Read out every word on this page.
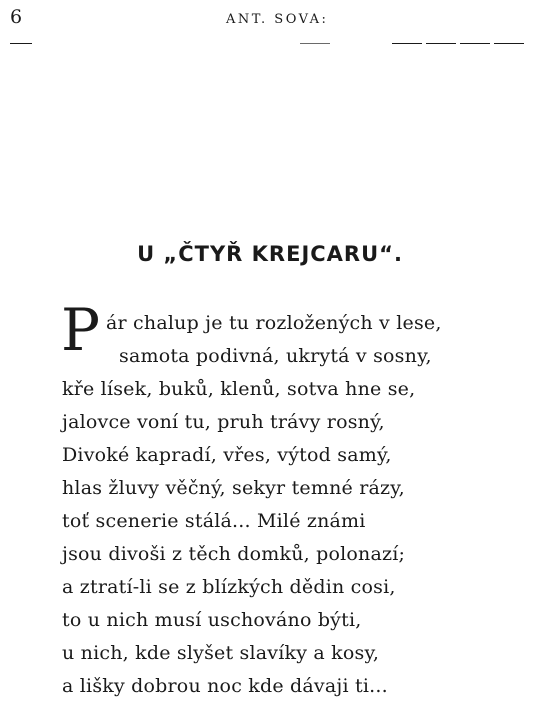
6	ANT. SOVA:
U „ČTYŘ KREJCARU“.
P ár chalup je tu rozložených v lese,
samota podivná, ukrytá v sosny,
kře lísek, buků, klenů, sotva hne se,
jalovce voní tu, pruh trávy rosný,
Divoké kapradí, vřes, výtod samý,
hlas žluvy věčný, sekyr temné rázy,
toť scenerie stálá... Milé známi
jsou divoši z těch domků, polonazí;
a ztratí-li se z blízkých dědin cosi,
to u nich musí uschováno býti,
u nich, kde slyšet slavíky a kosy,
a lišky dobrou noc kde dávaji ti...
